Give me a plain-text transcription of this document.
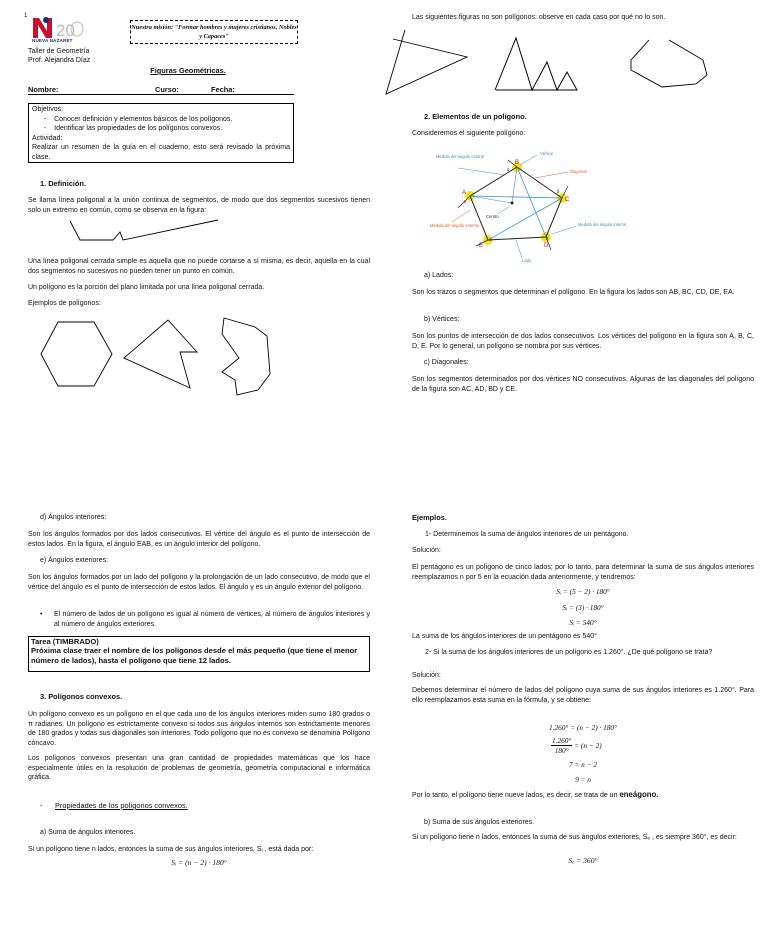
1
20
NUEVA NAZARET
Taller de Geometría
Prof. Alejandra Díaz
Nuestra misión: "Formar hombres y mujeres cristianos, Nobles y Capaces"
Figuras Geométricas.
Nombre:	Curso:	Fecha:
Objetivos:
-    Conocer definición y elementos básicos de los polígonos.
-    Identificar las propiedades de los polígonos convexos.
Actividad:
Realizar un resumen de la guía en el cuaderno, esto será revisado la próxima clase.
1. Definición.
Se llama línea poligonal a la unión continua de segmentos, de modo que dos segmentos sucesivos tienen solo un extremo en común, como se observa en la figura:
Una línea poligonal cerrada simple es aquella que no puede cortarse a sí misma, es decir, aquella en la cual dos segmentos no sucesivos no pueden tener un punto en común.
Un polígono es la porción del plano limitada por una línea poligonal cerrada.
Ejemplos de polígonos:
Las siguientes figuras no son polígonos: observe en cada caso por qué no lo son.
2. Elementos de un polígono.
Consideremos el siguiente polígono:
Medida del ángulo central
Vértice
Diagonal
Centro
Medida del ángulo externo	Medida del ángulo interno
Lado
A
B
C
D
E
α
β
δ
ε
γ
a) Lados:
Son los trazos o segmentos que determinan el polígono. En la figura los lados son AB, BC, CD, DE, EA.
b) Vértices:
Son los puntos de intersección de dos lados consecutivos. Los vértices del polígono en la figura son A, B, C, D, E. Por lo general, un polígono se nombra por sus vértices.
c) Diagonales:
Son los segmentos determinados por dos vértices NO consecutivos. Algunas de las diagonales del polígono de la figura son AC, AD, BD y CE.
d) Ángulos interiores:
Son los ángulos formados por dos lados consecutivos. El vértice del ángulo es el punto de intersección de estos lados. En la figura, el ángulo EAB, es un ángulo interior del polígono.
e) Ángulos exteriores:
Son los ángulos formados por un lado del polígono y la prolongación de un lado consecutivo, de modo que el vértice del ángulo es el punto de intersección de estos lados. El ángulo γ es un ángulo exterior del polígono.
•	El número de lados de un polígono es igual al número de vértices, al número de ángulos interiores y al número de ángulos exteriores.
Tarea (TIMBRADO)
Próxima clase traer el nombre de los polígonos desde el más pequeño (que tiene el menor número de lados), hasta el polígono que tiene 12 lados.
3. Polígonos convexos.
Un polígono convexo es un polígono en el que cada uno de los ángulos interiores miden sumo 180 grados o π radianes. Un polígono es estrictamente convexo si todos sus ángulos internos son estrictamente menores de 180 grados y todas sus diagonales son interiores. Todo polígono que no es convexo se denomina Polígono cóncavo.
Los polígonos convexos presentan una gran cantidad de propiedades matemáticas que los hace especialmente útiles en la resolución de problemas de geometría, geometría computacional e informática gráfica.
- Propiedades de los polígonos convexos.
a) Suma de ángulos interiores.
Si un polígono tiene n lados, entonces la suma de sus ángulos interiores, Sᵢ , está dada por:
Sᵢ = (n − 2) · 180°
Ejemplos.
1- Determinemos la suma de ángulos interiores de un pentágono.
Solución:
El pentágono es un polígono de cinco lados; por lo tanto, para determinar la suma de sus ángulos interiores reemplazamos n por 5 en la ecuación dada anteriormente, y tendremos:
Sᵢ = (5 − 2) · 180°
Sᵢ = (3) · 180°
Sᵢ = 540°
La suma de los ángulos interiores de un pentágono es 540°
2- Si la suma de los ángulos interiores de un polígono es 1.260°. ¿De qué polígono se trata?
Solución:
Debemos determinar el número de lados del polígono cuya suma de sus ángulos interiores es 1.260°. Para ello reemplazamos esta suma en la fórmula, y se obtiene:
1.260° = (n − 2) · 180°
$\frac{1.260^\circ}{180^\circ} = (n - 2)$
7 = n − 2
9 = n
Por lo tanto, el polígono tiene nueve lados, es decir, se trata de un eneágono.
b) Suma de sus ángulos exteriores.
Si un polígono tiene n lados, entonces la suma de sus ángulos exteriores, Sₑ , es siempre 360°, es decir:
Sₑ = 360°
